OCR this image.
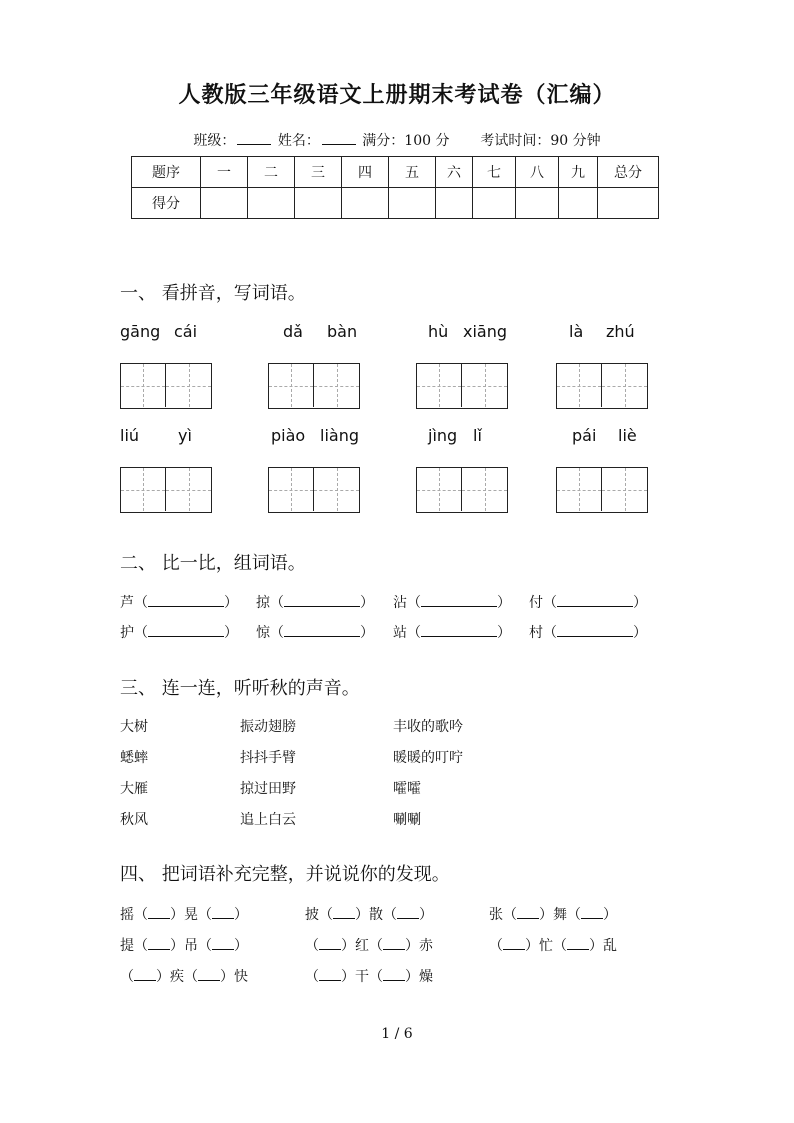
人教版三年级语文上册期末考试卷（汇编）
班级：	姓名：	满分：100 分 考试时间：90 分钟
题序	一	二	三	四	五	六	七	八	九	总分
得分										
一、 看拼音，写词语。
gāng cái	dǎ bàn	hù xiāng	là zhú
liú yì	piào liàng	jìng lǐ	pái liè
二、 比一比，组词语。
芦（	） 掠（	） 沾（	） 付（	）
护（	） 惊（	） 站（	） 村（	）
三、 连一连，听听秋的声音。
大树	振动翅膀	丰收的歌吟
蟋蟀	抖抖手臂	暖暖的叮咛
大雁	掠过田野	嚯嚯
秋风	追上白云	唰唰
四、 把词语补充完整，并说说你的发现。
摇（ ）晃（ ）	披（ ）散（ ）	张（ ）舞（ ）
提（ ）吊（ ）	（ ）红（ ）赤	（ ）忙（ ）乱
（ ）疾（ ）快	（ ）干（ ）燥
1 / 6
